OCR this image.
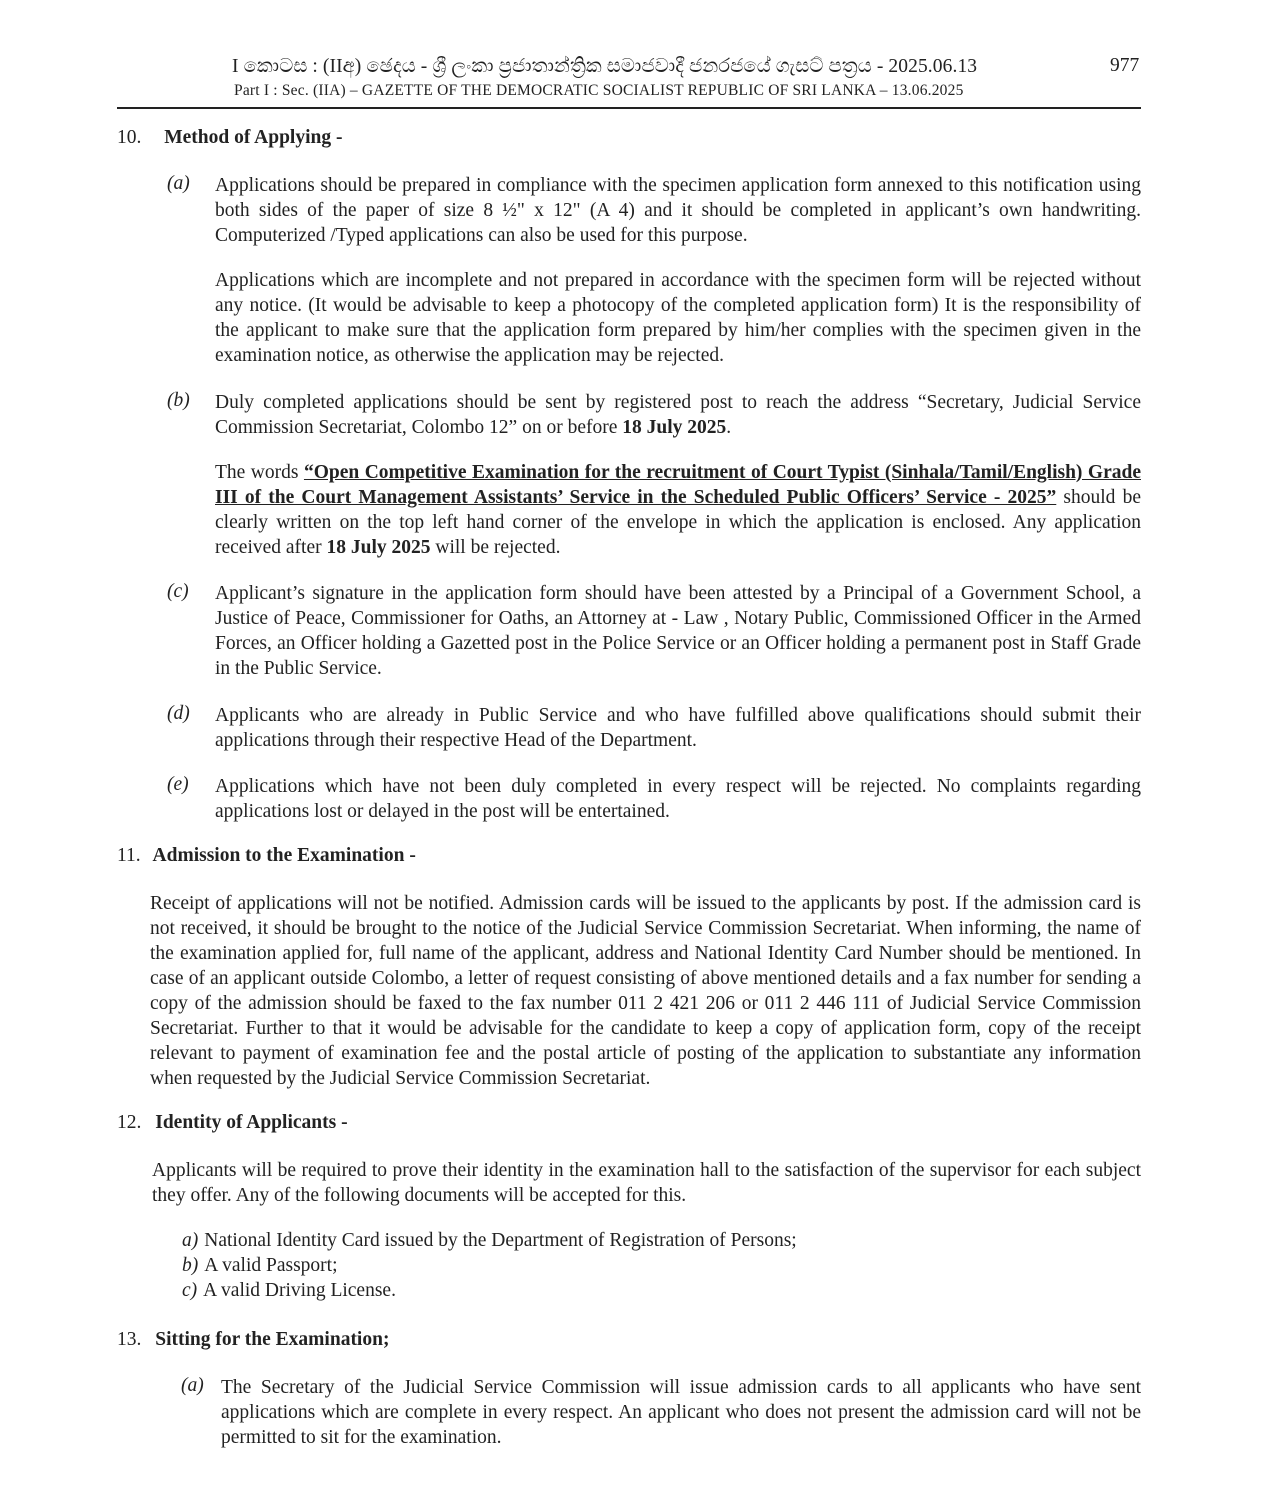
I කොටස : (IIඅ) ඡෙදය - ශ්‍රී ලංකා ප්‍රජාතාන්ත්‍රික සමාජවාදී ජනරජයේ ගැසට් පත්‍රය - 2025.06.13	977
Part I : Sec. (IIA) – GAZETTE OF THE DEMOCRATIC SOCIALIST REPUBLIC OF SRI LANKA – 13.06.2025
10. Method of Applying -
(a) Applications should be prepared in compliance with the specimen application form annexed to this notification using both sides of the paper of size 8 ½" x 12" (A 4) and it should be completed in applicant’s own handwriting. Computerized /Typed applications can also be used for this purpose.
Applications which are incomplete and not prepared in accordance with the specimen form will be rejected without any notice. (It would be advisable to keep a photocopy of the completed application form) It is the responsibility of the applicant to make sure that the application form prepared by him/her complies with the specimen given in the examination notice, as otherwise the application may be rejected.
(b) Duly completed applications should be sent by registered post to reach the address “Secretary, Judicial Service Commission Secretariat, Colombo 12” on or before 18 July 2025.
The words “Open Competitive Examination for the recruitment of Court Typist (Sinhala/Tamil/English) Grade III of the Court Management Assistants’ Service in the Scheduled Public Officers’ Service - 2025” should be clearly written on the top left hand corner of the envelope in which the application is enclosed. Any application received after 18 July 2025 will be rejected.
(c) Applicant’s signature in the application form should have been attested by a Principal of a Government School, a Justice of Peace, Commissioner for Oaths, an Attorney at - Law , Notary Public, Commissioned Officer in the Armed Forces, an Officer holding a Gazetted post in the Police Service or an Officer holding a permanent post in Staff Grade in the Public Service.
(d) Applicants who are already in Public Service and who have fulfilled above qualifications should submit their applications through their respective Head of the Department.
(e) Applications which have not been duly completed in every respect will be rejected. No complaints regarding applications lost or delayed in the post will be entertained.
11. Admission to the Examination -
Receipt of applications will not be notified. Admission cards will be issued to the applicants by post. If the admission card is not received, it should be brought to the notice of the Judicial Service Commission Secretariat. When informing, the name of the examination applied for, full name of the applicant, address and National Identity Card Number should be mentioned. In case of an applicant outside Colombo, a letter of request consisting of above mentioned details and a fax number for sending a copy of the admission should be faxed to the fax number 011 2 421 206 or 011 2 446 111 of Judicial Service Commission Secretariat. Further to that it would be advisable for the candidate to keep a copy of application form, copy of the receipt relevant to payment of examination fee and the postal article of posting of the application to substantiate any information when requested by the Judicial Service Commission Secretariat.
12. Identity of Applicants -
Applicants will be required to prove their identity in the examination hall to the satisfaction of the supervisor for each subject they offer. Any of the following documents will be accepted for this.
a) National Identity Card issued by the Department of Registration of Persons;
b) A valid Passport;
c) A valid Driving License.
13. Sitting for the Examination;
(a) The Secretary of the Judicial Service Commission will issue admission cards to all applicants who have sent applications which are complete in every respect. An applicant who does not present the admission card will not be permitted to sit for the examination.
